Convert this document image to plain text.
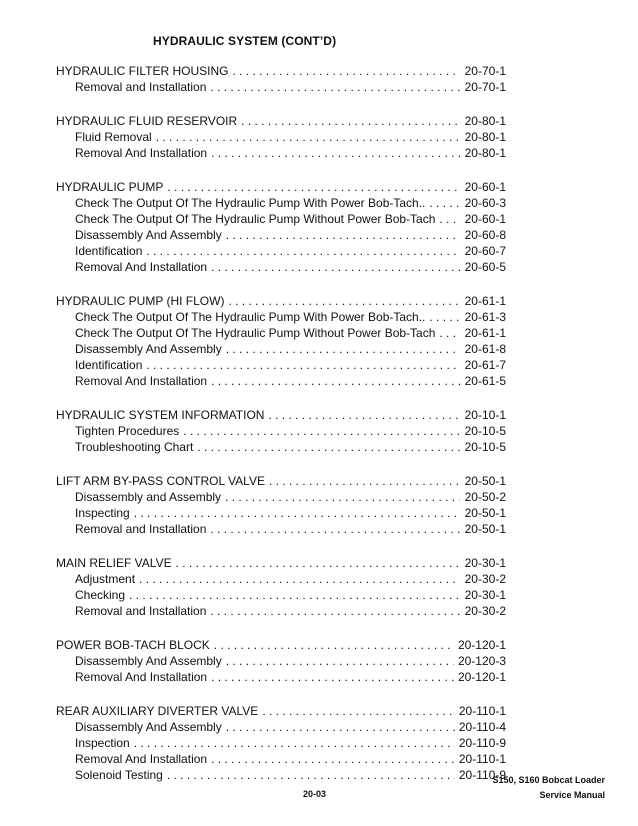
HYDRAULIC SYSTEM (CONT’D)
HYDRAULIC FILTER HOUSING . . .	20-70-1
Removal and Installation . . .	20-70-1
HYDRAULIC FLUID RESERVOIR . . .	20-80-1
Fluid Removal . . .	20-80-1
Removal And Installation . . .	20-80-1
HYDRAULIC PUMP . . .	20-60-1
Check The Output Of The Hydraulic Pump With Power Bob-Tach.. . . .	20-60-3
Check The Output Of The Hydraulic Pump Without Power Bob-Tach . . . 20-60-1
Disassembly And Assembly . . .	20-60-8
Identification . . .	20-60-7
Removal And Installation . . .	20-60-5
HYDRAULIC PUMP (HI FLOW) . . .	20-61-1
Check The Output Of The Hydraulic Pump With Power Bob-Tach.. . . .	20-61-3
Check The Output Of The Hydraulic Pump Without Power Bob-Tach . . . 20-61-1
Disassembly And Assembly . . .	20-61-8
Identification . . .	20-61-7
Removal And Installation . . .	20-61-5
HYDRAULIC SYSTEM INFORMATION . . .	20-10-1
Tighten Procedures . . .	20-10-5
Troubleshooting Chart . . .	20-10-5
LIFT ARM BY-PASS CONTROL VALVE . . .	20-50-1
Disassembly and Assembly . . .	20-50-2
Inspecting . . .	20-50-1
Removal and Installation . . .	20-50-1
MAIN RELIEF VALVE . . .	20-30-1
Adjustment . . .	20-30-2
Checking . . .	20-30-1
Removal and Installation . . .	20-30-2
POWER BOB-TACH BLOCK . . .	20-120-1
Disassembly And Assembly . . .	20-120-3
Removal And Installation . . .	20-120-1
REAR AUXILIARY DIVERTER VALVE . . .	20-110-1
Disassembly And Assembly . . .	20-110-4
Inspection . . .	20-110-9
Removal And Installation . . .	20-110-1
Solenoid Testing . . .	20-110-9
20-03
S150, S160 Bobcat Loader
Service Manual
